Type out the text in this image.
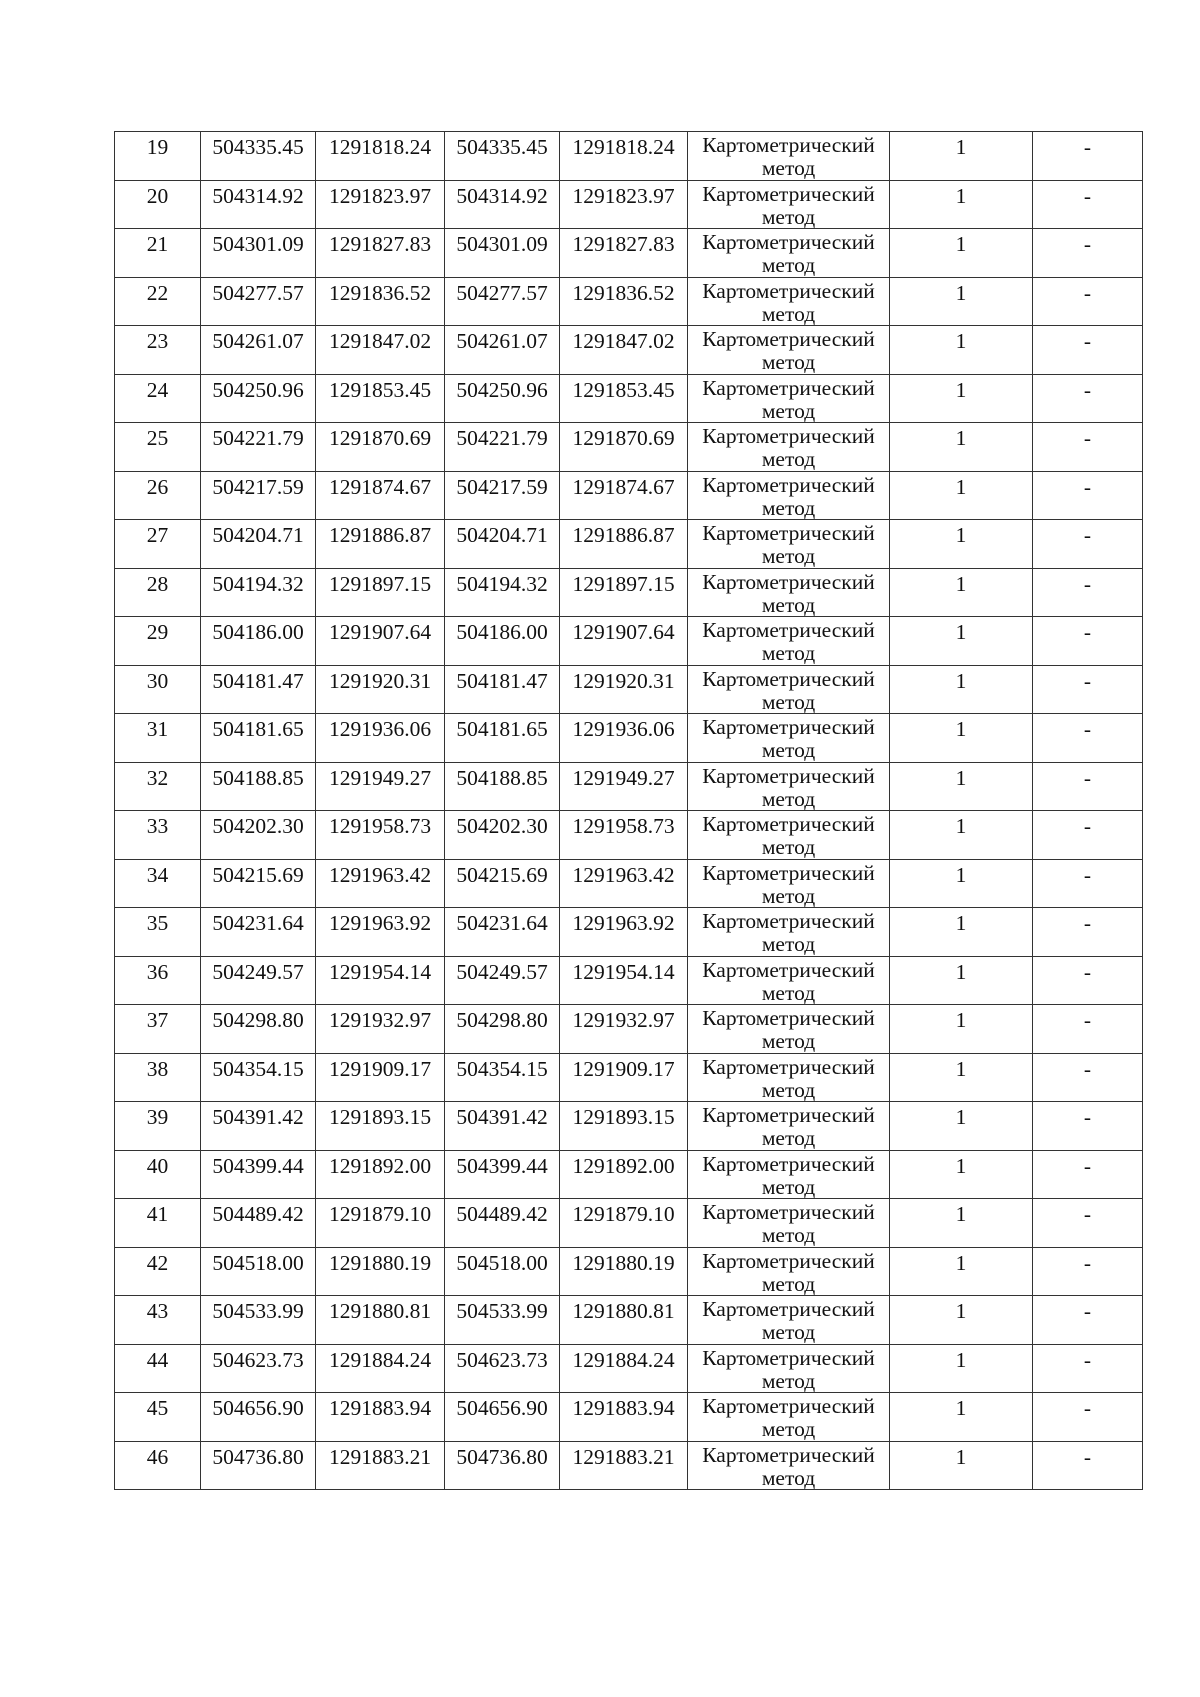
19	504335.45	1291818.24	504335.45	1291818.24	Картометрический метод	1	-

20	504314.92	1291823.97	504314.92	1291823.97	Картометрический метод	1	-

21	504301.09	1291827.83	504301.09	1291827.83	Картометрический метод	1	-

22	504277.57	1291836.52	504277.57	1291836.52	Картометрический метод	1	-

23	504261.07	1291847.02	504261.07	1291847.02	Картометрический метод	1	-

24	504250.96	1291853.45	504250.96	1291853.45	Картометрический метод	1	-

25	504221.79	1291870.69	504221.79	1291870.69	Картометрический метод	1	-

26	504217.59	1291874.67	504217.59	1291874.67	Картометрический метод	1	-

27	504204.71	1291886.87	504204.71	1291886.87	Картометрический метод	1	-

28	504194.32	1291897.15	504194.32	1291897.15	Картометрический метод	1	-

29	504186.00	1291907.64	504186.00	1291907.64	Картометрический метод	1	-

30	504181.47	1291920.31	504181.47	1291920.31	Картометрический метод	1	-

31	504181.65	1291936.06	504181.65	1291936.06	Картометрический метод	1	-

32	504188.85	1291949.27	504188.85	1291949.27	Картометрический метод	1	-

33	504202.30	1291958.73	504202.30	1291958.73	Картометрический метод	1	-

34	504215.69	1291963.42	504215.69	1291963.42	Картометрический метод	1	-

35	504231.64	1291963.92	504231.64	1291963.92	Картометрический метод	1	-

36	504249.57	1291954.14	504249.57	1291954.14	Картометрический метод	1	-

37	504298.80	1291932.97	504298.80	1291932.97	Картометрический метод	1	-

38	504354.15	1291909.17	504354.15	1291909.17	Картометрический метод	1	-

39	504391.42	1291893.15	504391.42	1291893.15	Картометрический метод	1	-

40	504399.44	1291892.00	504399.44	1291892.00	Картометрический метод	1	-

41	504489.42	1291879.10	504489.42	1291879.10	Картометрический метод	1	-

42	504518.00	1291880.19	504518.00	1291880.19	Картометрический метод	1	-

43	504533.99	1291880.81	504533.99	1291880.81	Картометрический метод	1	-

44	504623.73	1291884.24	504623.73	1291884.24	Картометрический метод	1	-

45	504656.90	1291883.94	504656.90	1291883.94	Картометрический метод	1	-

46	504736.80	1291883.21	504736.80	1291883.21	Картометрический метод	1	-
